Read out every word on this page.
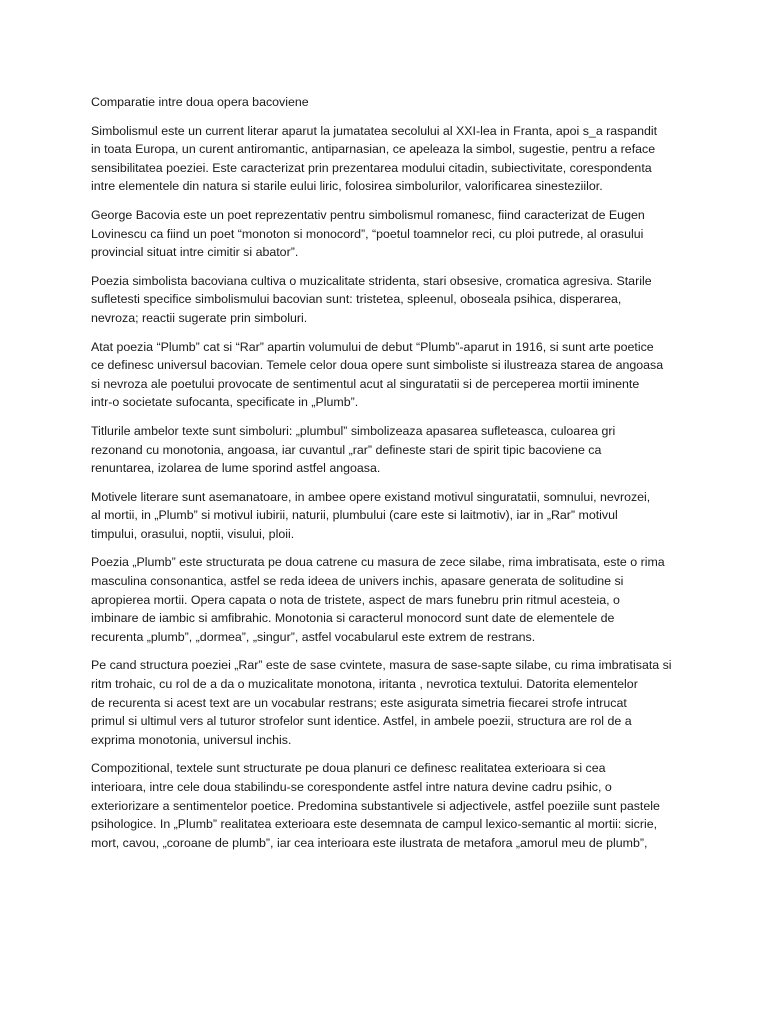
Comparatie intre doua opera bacoviene
Simbolismul este un current literar aparut la jumatatea secolului al XXI-lea in Franta, apoi s_a raspandit
in toata Europa, un curent antiromantic, antiparnasian, ce apeleaza la simbol, sugestie, pentru a reface
sensibilitatea poeziei. Este caracterizat prin prezentarea modului citadin, subiectivitate, corespondenta
intre elementele din natura si starile eului liric, folosirea simbolurilor, valorificarea sinesteziilor.
George Bacovia este un poet reprezentativ pentru simbolismul romanesc, fiind caracterizat de Eugen
Lovinescu ca fiind un poet “monoton si monocord”, “poetul toamnelor reci, cu ploi putrede, al orasului
provincial situat intre cimitir si abator”.
Poezia simbolista bacoviana cultiva o muzicalitate stridenta, stari obsesive, cromatica agresiva. Starile
sufletesti specifice simbolismului bacovian sunt: tristetea, spleenul, oboseala psihica, disperarea,
nevroza; reactii sugerate prin simboluri.
Atat poezia “Plumb” cat si “Rar” apartin volumului de debut “Plumb”-aparut in 1916, si sunt arte poetice
ce definesc universul bacovian. Temele celor doua opere sunt simboliste si ilustreaza starea de angoasa
si nevroza ale poetului provocate de sentimentul acut al singuratatii si de perceperea mortii iminente
intr-o societate sufocanta, specificate in „Plumb”.
Titlurile ambelor texte sunt simboluri: „plumbul” simbolizeaza apasarea sufleteasca, culoarea gri
rezonand cu monotonia, angoasa, iar cuvantul „rar” defineste stari de spirit tipic bacoviene ca
renuntarea, izolarea de lume sporind astfel angoasa.
Motivele literare sunt asemanatoare, in ambee opere existand motivul singuratatii, somnului, nevrozei,
al mortii, in „Plumb” si motivul iubirii, naturii, plumbului (care este si laitmotiv), iar in „Rar” motivul
timpului, orasului, noptii, visului, ploii.
Poezia „Plumb” este structurata pe doua catrene cu masura de zece silabe, rima imbratisata, este o rima
masculina consonantica, astfel se reda ideea de univers inchis, apasare generata de solitudine si
apropierea mortii. Opera capata o nota de tristete, aspect de mars funebru prin ritmul acesteia, o
imbinare de iambic si amfibrahic. Monotonia si caracterul monocord sunt date de elementele de
recurenta „plumb”, „dormea”, „singur”, astfel vocabularul este extrem de restrans.
Pe cand structura poeziei „Rar” este de sase cvintete, masura de sase-sapte silabe, cu rima imbratisata si
ritm trohaic, cu rol de a da o muzicalitate monotona, iritanta , nevrotica textului. Datorita elementelor
de recurenta si acest text are un vocabular restrans; este asigurata simetria fiecarei strofe intrucat
primul si ultimul vers al tuturor strofelor sunt identice. Astfel, in ambele poezii, structura are rol de a
exprima monotonia, universul inchis.
Compozitional, textele sunt structurate pe doua planuri ce definesc realitatea exterioara si cea
interioara, intre cele doua stabilindu-se corespondente astfel intre natura devine cadru psihic, o
exteriorizare a sentimentelor poetice. Predomina substantivele si adjectivele, astfel poeziile sunt pastele
psihologice. In „Plumb” realitatea exterioara este desemnata de campul lexico-semantic al mortii: sicrie,
mort, cavou, „coroane de plumb”, iar cea interioara este ilustrata de metafora „amorul meu de plumb”,
